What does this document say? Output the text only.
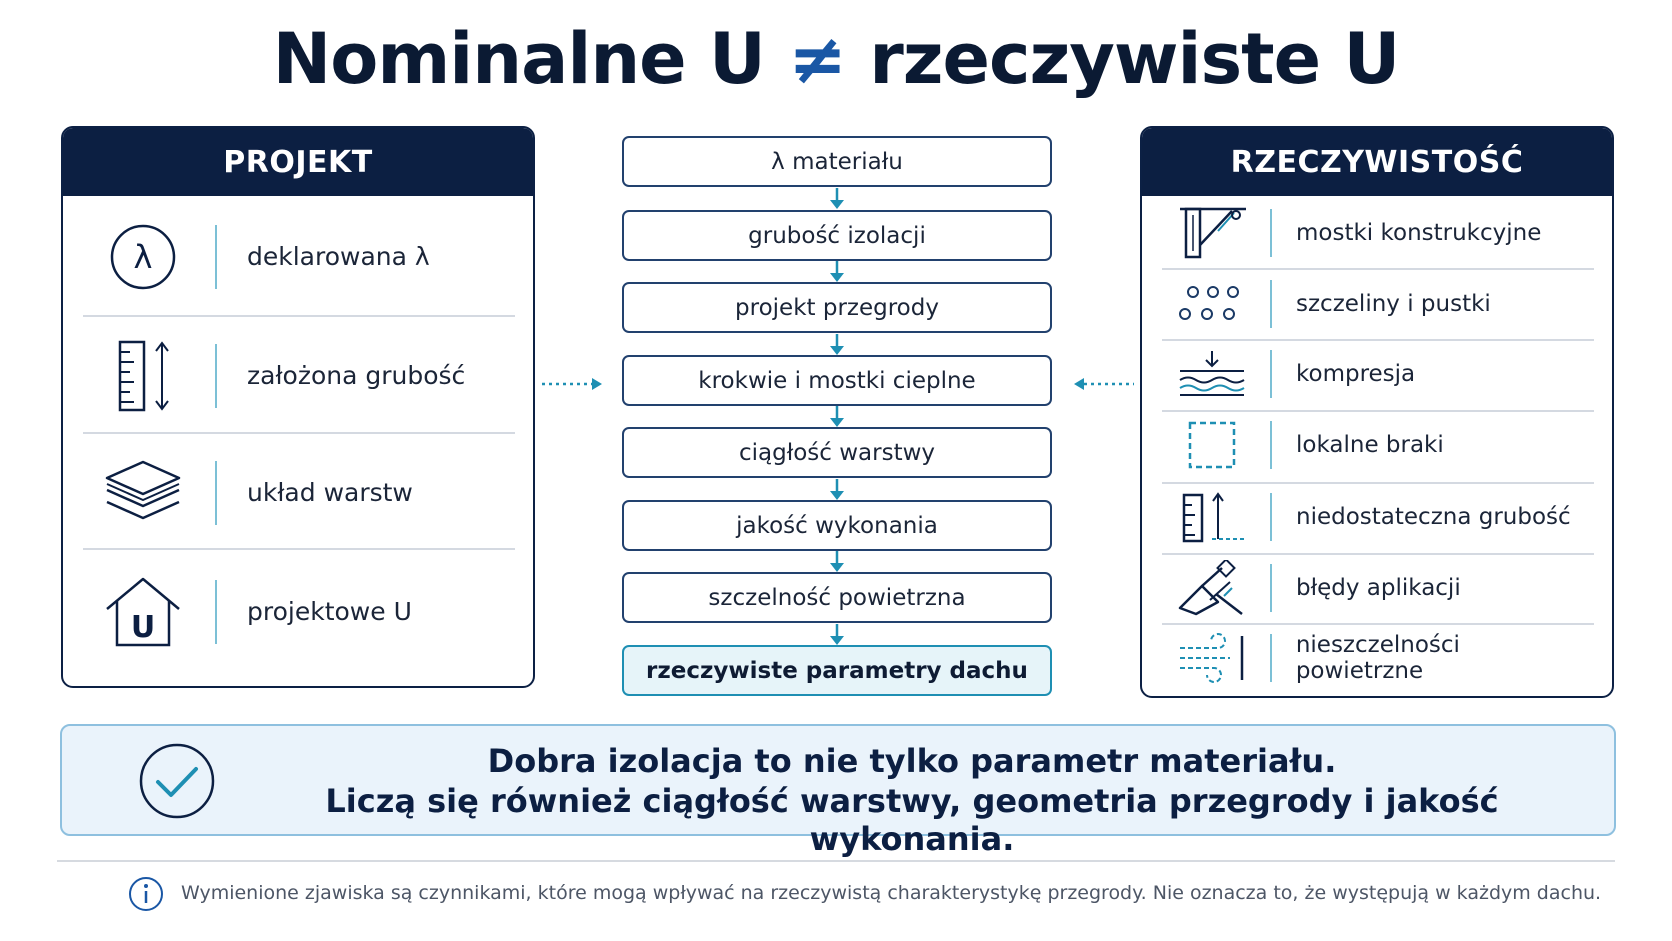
Nominalne U ≠ rzeczywiste U
PROJEKT
λ	deklarowana λ
założona grubość
układ warstw
U	projektowe U
λ materiału
grubość izolacji
projekt przegrody
krokwie i mostki cieplne
ciągłość warstwy
jakość wykonania
szczelność powietrzna
rzeczywiste parametry dachu
RZECZYWISTOŚĆ
mostki konstrukcyjne
szczeliny i pustki
kompresja
lokalne braki
niedostateczna grubość
błędy aplikacji
nieszczelności powietrzne
Dobra izolacja to nie tylko parametr materiału.
Liczą się również ciągłość warstwy, geometria przegrody i jakość wykonania.
Wymienione zjawiska są czynnikami, które mogą wpływać na rzeczywistą charakterystykę przegrody. Nie oznacza to, że występują w każdym dachu.
